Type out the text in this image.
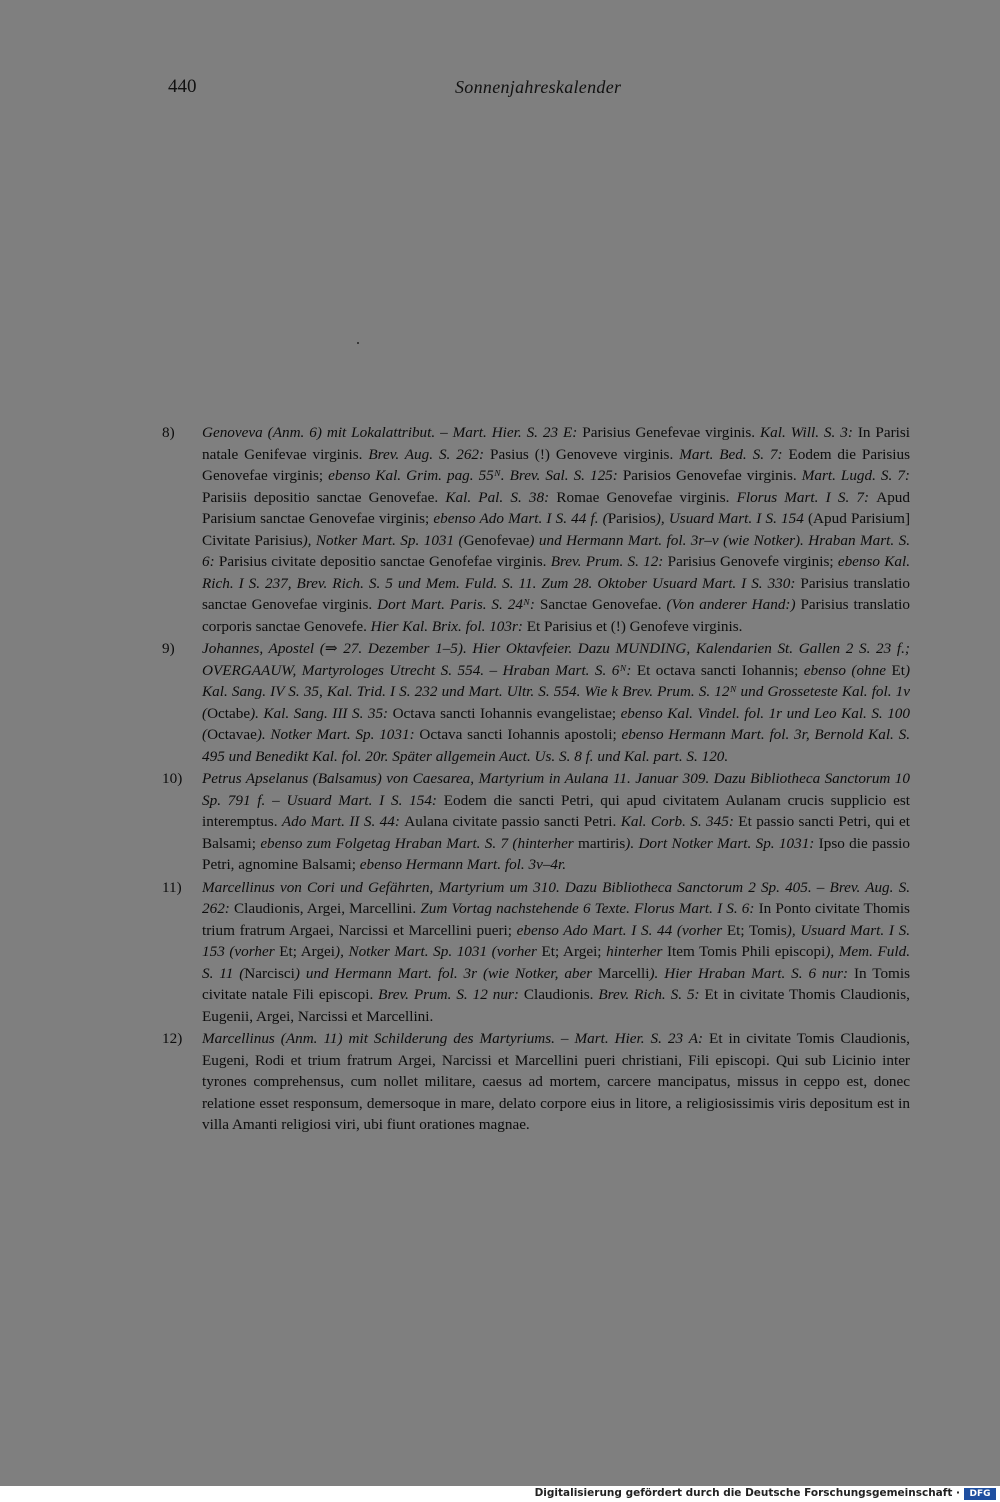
440	Sonnenjahreskalender
8)	Genoveva (Anm. 6) mit Lokalattribut. – Mart. Hier. S. 23 E: Parisius Genefevae virginis. Kal. Will. S. 3: In Parisi natale Genifevae virginis. Brev. Aug. S. 262: Pasius (!) Genoveve virginis. Mart. Bed. S. 7: Eodem die Parisius Genovefae virginis; ebenso Kal. Grim. pag. 55ᴺ. Brev. Sal. S. 125: Parisios Genovefae virginis. Mart. Lugd. S. 7: Parisiis depositio sanctae Genovefae. Kal. Pal. S. 38: Romae Genovefae virginis. Florus Mart. I S. 7: Apud Parisium sanctae Genovefae virginis; ebenso Ado Mart. I S. 44 f. (Parisios), Usuard Mart. I S. 154 (Apud Parisium] Civitate Parisius), Notker Mart. Sp. 1031 (Genofevae) und Hermann Mart. fol. 3r–v (wie Notker). Hraban Mart. S. 6: Parisius civitate depositio sanctae Genofefae virginis. Brev. Prum. S. 12: Parisius Genovefe virginis; ebenso Kal. Rich. I S. 237, Brev. Rich. S. 5 und Mem. Fuld. S. 11. Zum 28. Oktober Usuard Mart. I S. 330: Parisius translatio sanctae Genovefae virginis. Dort Mart. Paris. S. 24ᴺ: Sanctae Genovefae. (Von anderer Hand:) Parisius translatio corporis sanctae Genovefe. Hier Kal. Brix. fol. 103r: Et Parisius et (!) Genofeve virginis.

9)	Johannes, Apostel (⇒ 27. Dezember 1–5). Hier Oktavfeier. Dazu MUNDING, Kalendarien St. Gallen 2 S. 23 f.; OVERGAAUW, Martyrologes Utrecht S. 554. – Hraban Mart. S. 6ᴺ: Et octava sancti Iohannis; ebenso (ohne Et) Kal. Sang. IV S. 35, Kal. Trid. I S. 232 und Mart. Ultr. S. 554. Wie k Brev. Prum. S. 12ᴺ und Grosseteste Kal. fol. 1v (Octabe). Kal. Sang. III S. 35: Octava sancti Iohannis evangelistae; ebenso Kal. Vindel. fol. 1r und Leo Kal. S. 100 (Octavae). Notker Mart. Sp. 1031: Octava sancti Iohannis apostoli; ebenso Hermann Mart. fol. 3r, Bernold Kal. S. 495 und Benedikt Kal. fol. 20r. Später allgemein Auct. Us. S. 8 f. und Kal. part. S. 120.

10)	Petrus Apselanus (Balsamus) von Caesarea, Martyrium in Aulana 11. Januar 309. Dazu Bibliotheca Sanctorum 10 Sp. 791 f. – Usuard Mart. I S. 154: Eodem die sancti Petri, qui apud civitatem Aulanam crucis supplicio est interemptus. Ado Mart. II S. 44: Aulana civitate passio sancti Petri. Kal. Corb. S. 345: Et passio sancti Petri, qui et Balsami; ebenso zum Folgetag Hraban Mart. S. 7 (hinterher martiris). Dort Notker Mart. Sp. 1031: Ipso die passio Petri, agnomine Balsami; ebenso Hermann Mart. fol. 3v–4r.

11)	Marcellinus von Cori und Gefährten, Martyrium um 310. Dazu Bibliotheca Sanctorum 2 Sp. 405. – Brev. Aug. S. 262: Claudionis, Argei, Marcellini. Zum Vortag nachstehende 6 Texte. Florus Mart. I S. 6: In Ponto civitate Thomis trium fratrum Argaei, Narcissi et Marcellini pueri; ebenso Ado Mart. I S. 44 (vorher Et; Tomis), Usuard Mart. I S. 153 (vorher Et; Argei), Notker Mart. Sp. 1031 (vorher Et; Argei; hinterher Item Tomis Phili episcopi), Mem. Fuld. S. 11 (Narcisci) und Hermann Mart. fol. 3r (wie Notker, aber Marcelli). Hier Hraban Mart. S. 6 nur: In Tomis civitate natale Fili episcopi. Brev. Prum. S. 12 nur: Claudionis. Brev. Rich. S. 5: Et in civitate Thomis Claudionis, Eugenii, Argei, Narcissi et Marcellini.

12)	Marcellinus (Anm. 11) mit Schilderung des Martyriums. – Mart. Hier. S. 23 A: Et in civitate Tomis Claudionis, Eugeni, Rodi et trium fratrum Argei, Narcissi et Marcellini pueri christiani, Fili episcopi. Qui sub Licinio inter tyrones comprehensus, cum nollet militare, caesus ad mortem, carcere mancipatus, missus in ceppo est, donec relatione esset responsum, demersoque in mare, delato corpore eius in litore, a religiosissimis viris depositum est in villa Amanti religiosi viri, ubi fiunt orationes magnae.

Digitalisierung gefördert durch die Deutsche Forschungsgemeinschaft ·	DFG
